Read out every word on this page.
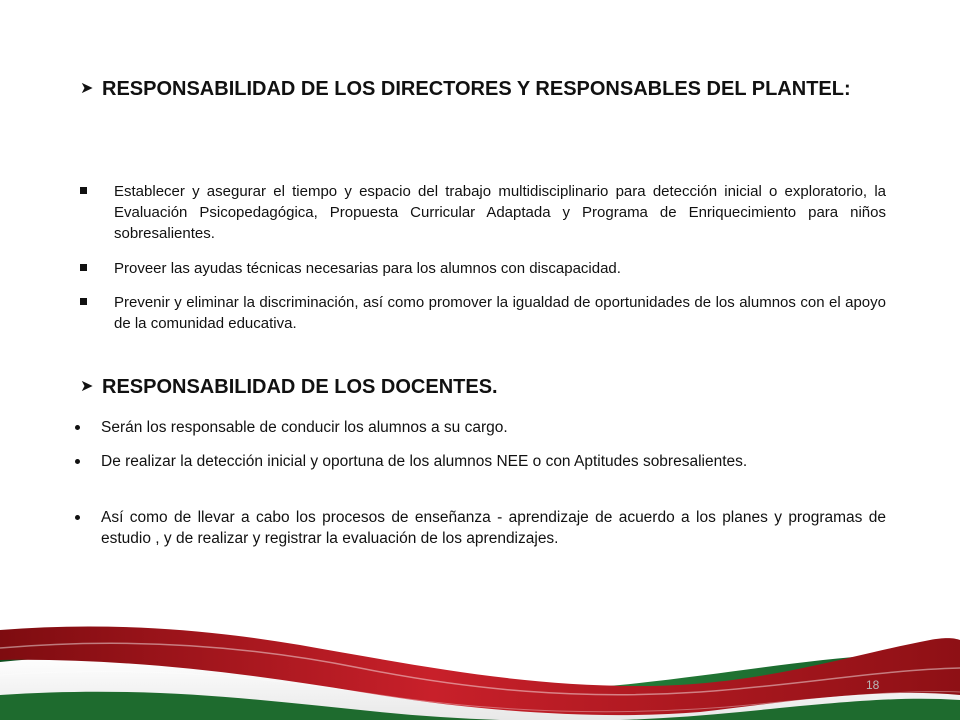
➤ RESPONSABILIDAD DE LOS DIRECTORES Y RESPONSABLES DEL PLANTEL:
Establecer y asegurar el tiempo y espacio del trabajo multidisciplinario para detección inicial o exploratorio, la Evaluación Psicopedagógica, Propuesta Curricular Adaptada y Programa de Enriquecimiento para niños sobresalientes.
Proveer las ayudas técnicas necesarias para los alumnos con discapacidad.
Prevenir y eliminar la discriminación, así como promover la igualdad de oportunidades de los alumnos con el apoyo de la comunidad educativa.
➤ RESPONSABILIDAD DE LOS DOCENTES.
Serán los responsable de conducir los alumnos a su cargo.
De realizar la detección inicial y oportuna de los alumnos NEE o con Aptitudes sobresalientes.
Así como de llevar a cabo los procesos de enseñanza - aprendizaje de acuerdo a los planes y programas de estudio , y de realizar y registrar la evaluación de los aprendizajes.
18
